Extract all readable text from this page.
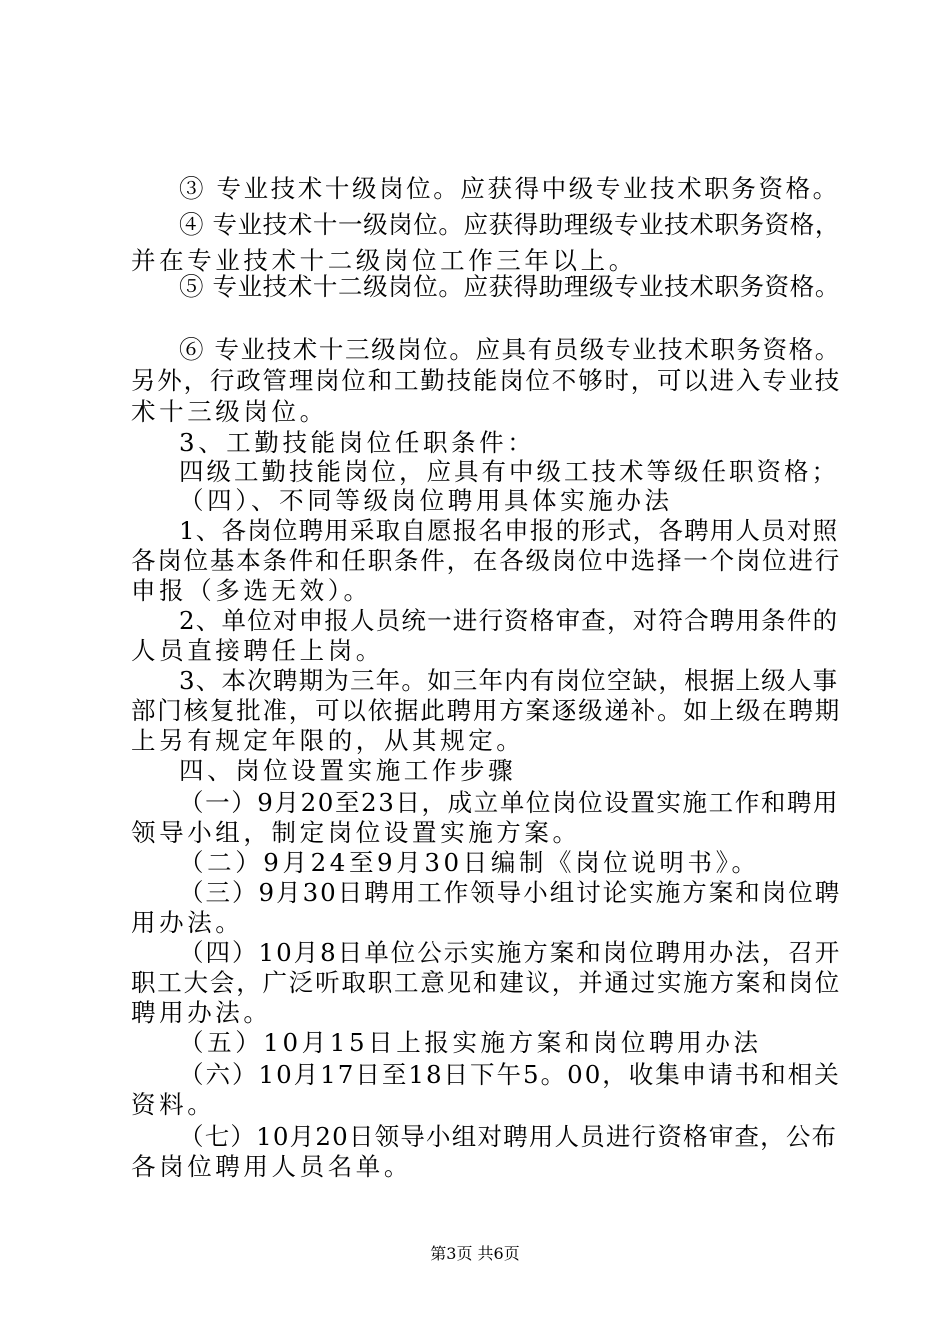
③ 专业技术十级岗位。应获得中级专业技术职务资格。
④ 专业技术十一级岗位。应获得助理级专业技术职务资格，
并在专业技术十二级岗位工作三年以上。
⑤ 专业技术十二级岗位。应获得助理级专业技术职务资格。
⑥ 专业技术十三级岗位。应具有员级专业技术职务资格。
另外，行政管理岗位和工勤技能岗位不够时，可以进入专业技
术十三级岗位。
3、工勤技能岗位任职条件：
四级工勤技能岗位，应具有中级工技术等级任职资格；
（四）、不同等级岗位聘用具体实施办法
1、各岗位聘用采取自愿报名申报的形式，各聘用人员对照
各岗位基本条件和任职条件，在各级岗位中选择一个岗位进行
申报（多选无效）。
2、单位对申报人员统一进行资格审查，对符合聘用条件的
人员直接聘任上岗。
3、本次聘期为三年。如三年内有岗位空缺，根据上级人事
部门核复批准，可以依据此聘用方案逐级递补。如上级在聘期
上另有规定年限的，从其规定。
四、岗位设置实施工作步骤
（一）9月20至23日，成立单位岗位设置实施工作和聘用
领导小组，制定岗位设置实施方案。
（二）9月24至9月30日编制《岗位说明书》。
（三）9月30日聘用工作领导小组讨论实施方案和岗位聘
用办法。
（四）10月8日单位公示实施方案和岗位聘用办法，召开
职工大会，广泛听取职工意见和建议，并通过实施方案和岗位
聘用办法。
（五）10月15日上报实施方案和岗位聘用办法
（六）10月17日至18日下午5。00，收集申请书和相关
资料。
（七）10月20日领导小组对聘用人员进行资格审查，公布
各岗位聘用人员名单。
第3页 共6页
